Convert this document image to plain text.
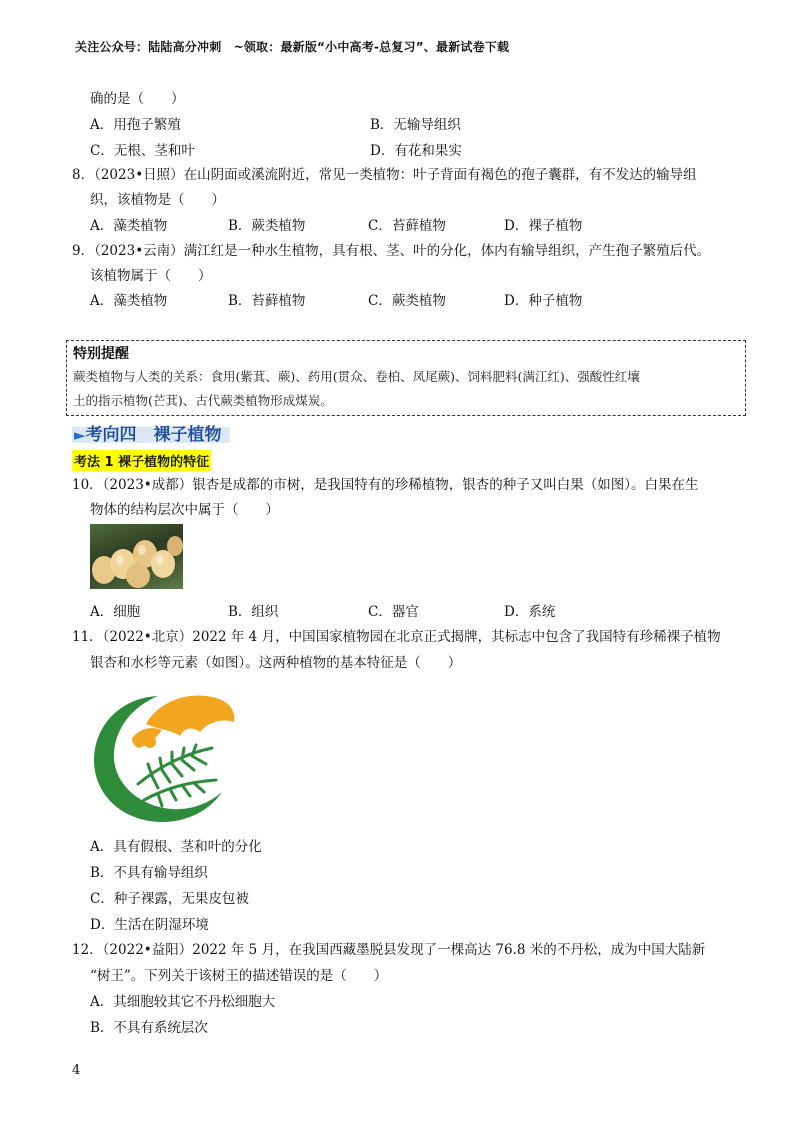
关注公众号：陆陆高分冲刺　~领取：最新版“小中高考-总复习”、最新试卷下载
确的是（　　）
A．用孢子繁殖	B．无输导组织
C．无根、茎和叶	D．有花和果实
8．（2023•日照）在山阴面或溪流附近，常见一类植物：叶子背面有褐色的孢子囊群，有不发达的输导组
织，该植物是（　　）
A．藻类植物	B．蕨类植物	C．苔藓植物	D．裸子植物
9．（2023•云南）满江红是一种水生植物，具有根、茎、叶的分化，体内有输导组织，产生孢子繁殖后代。
该植物属于（　　）
A．藻类植物	B．苔藓植物	C．蕨类植物	D．种子植物
特别提醒
蕨类植物与人类的关系：食用(紫萁、蕨)、药用(贯众、卷柏、凤尾蕨)、饲料肥料(满江红)、强酸性红壤
土的指示植物(芒萁)、古代蕨类植物形成煤炭。
►考向四　裸子植物
考法 1 裸子植物的特征
10．（2023•成都）银杏是成都的市树，是我国特有的珍稀植物，银杏的种子又叫白果（如图）。白果在生
物体的结构层次中属于（　　）
A．细胞	B．组织	C．器官	D．系统
11．（2022•北京）2022 年 4 月，中国国家植物园在北京正式揭牌，其标志中包含了我国特有珍稀裸子植物
银杏和水杉等元素（如图）。这两种植物的基本特征是（　　）
A．具有假根、茎和叶的分化
B．不具有输导组织
C．种子裸露，无果皮包被
D．生活在阴湿环境
12．（2022•益阳）2022 年 5 月，在我国西藏墨脱县发现了一棵高达 76.8 米的不丹松，成为中国大陆新
“树王”。下列关于该树王的描述错误的是（　　）
A．其细胞较其它不丹松细胞大
B．不具有系统层次
4
